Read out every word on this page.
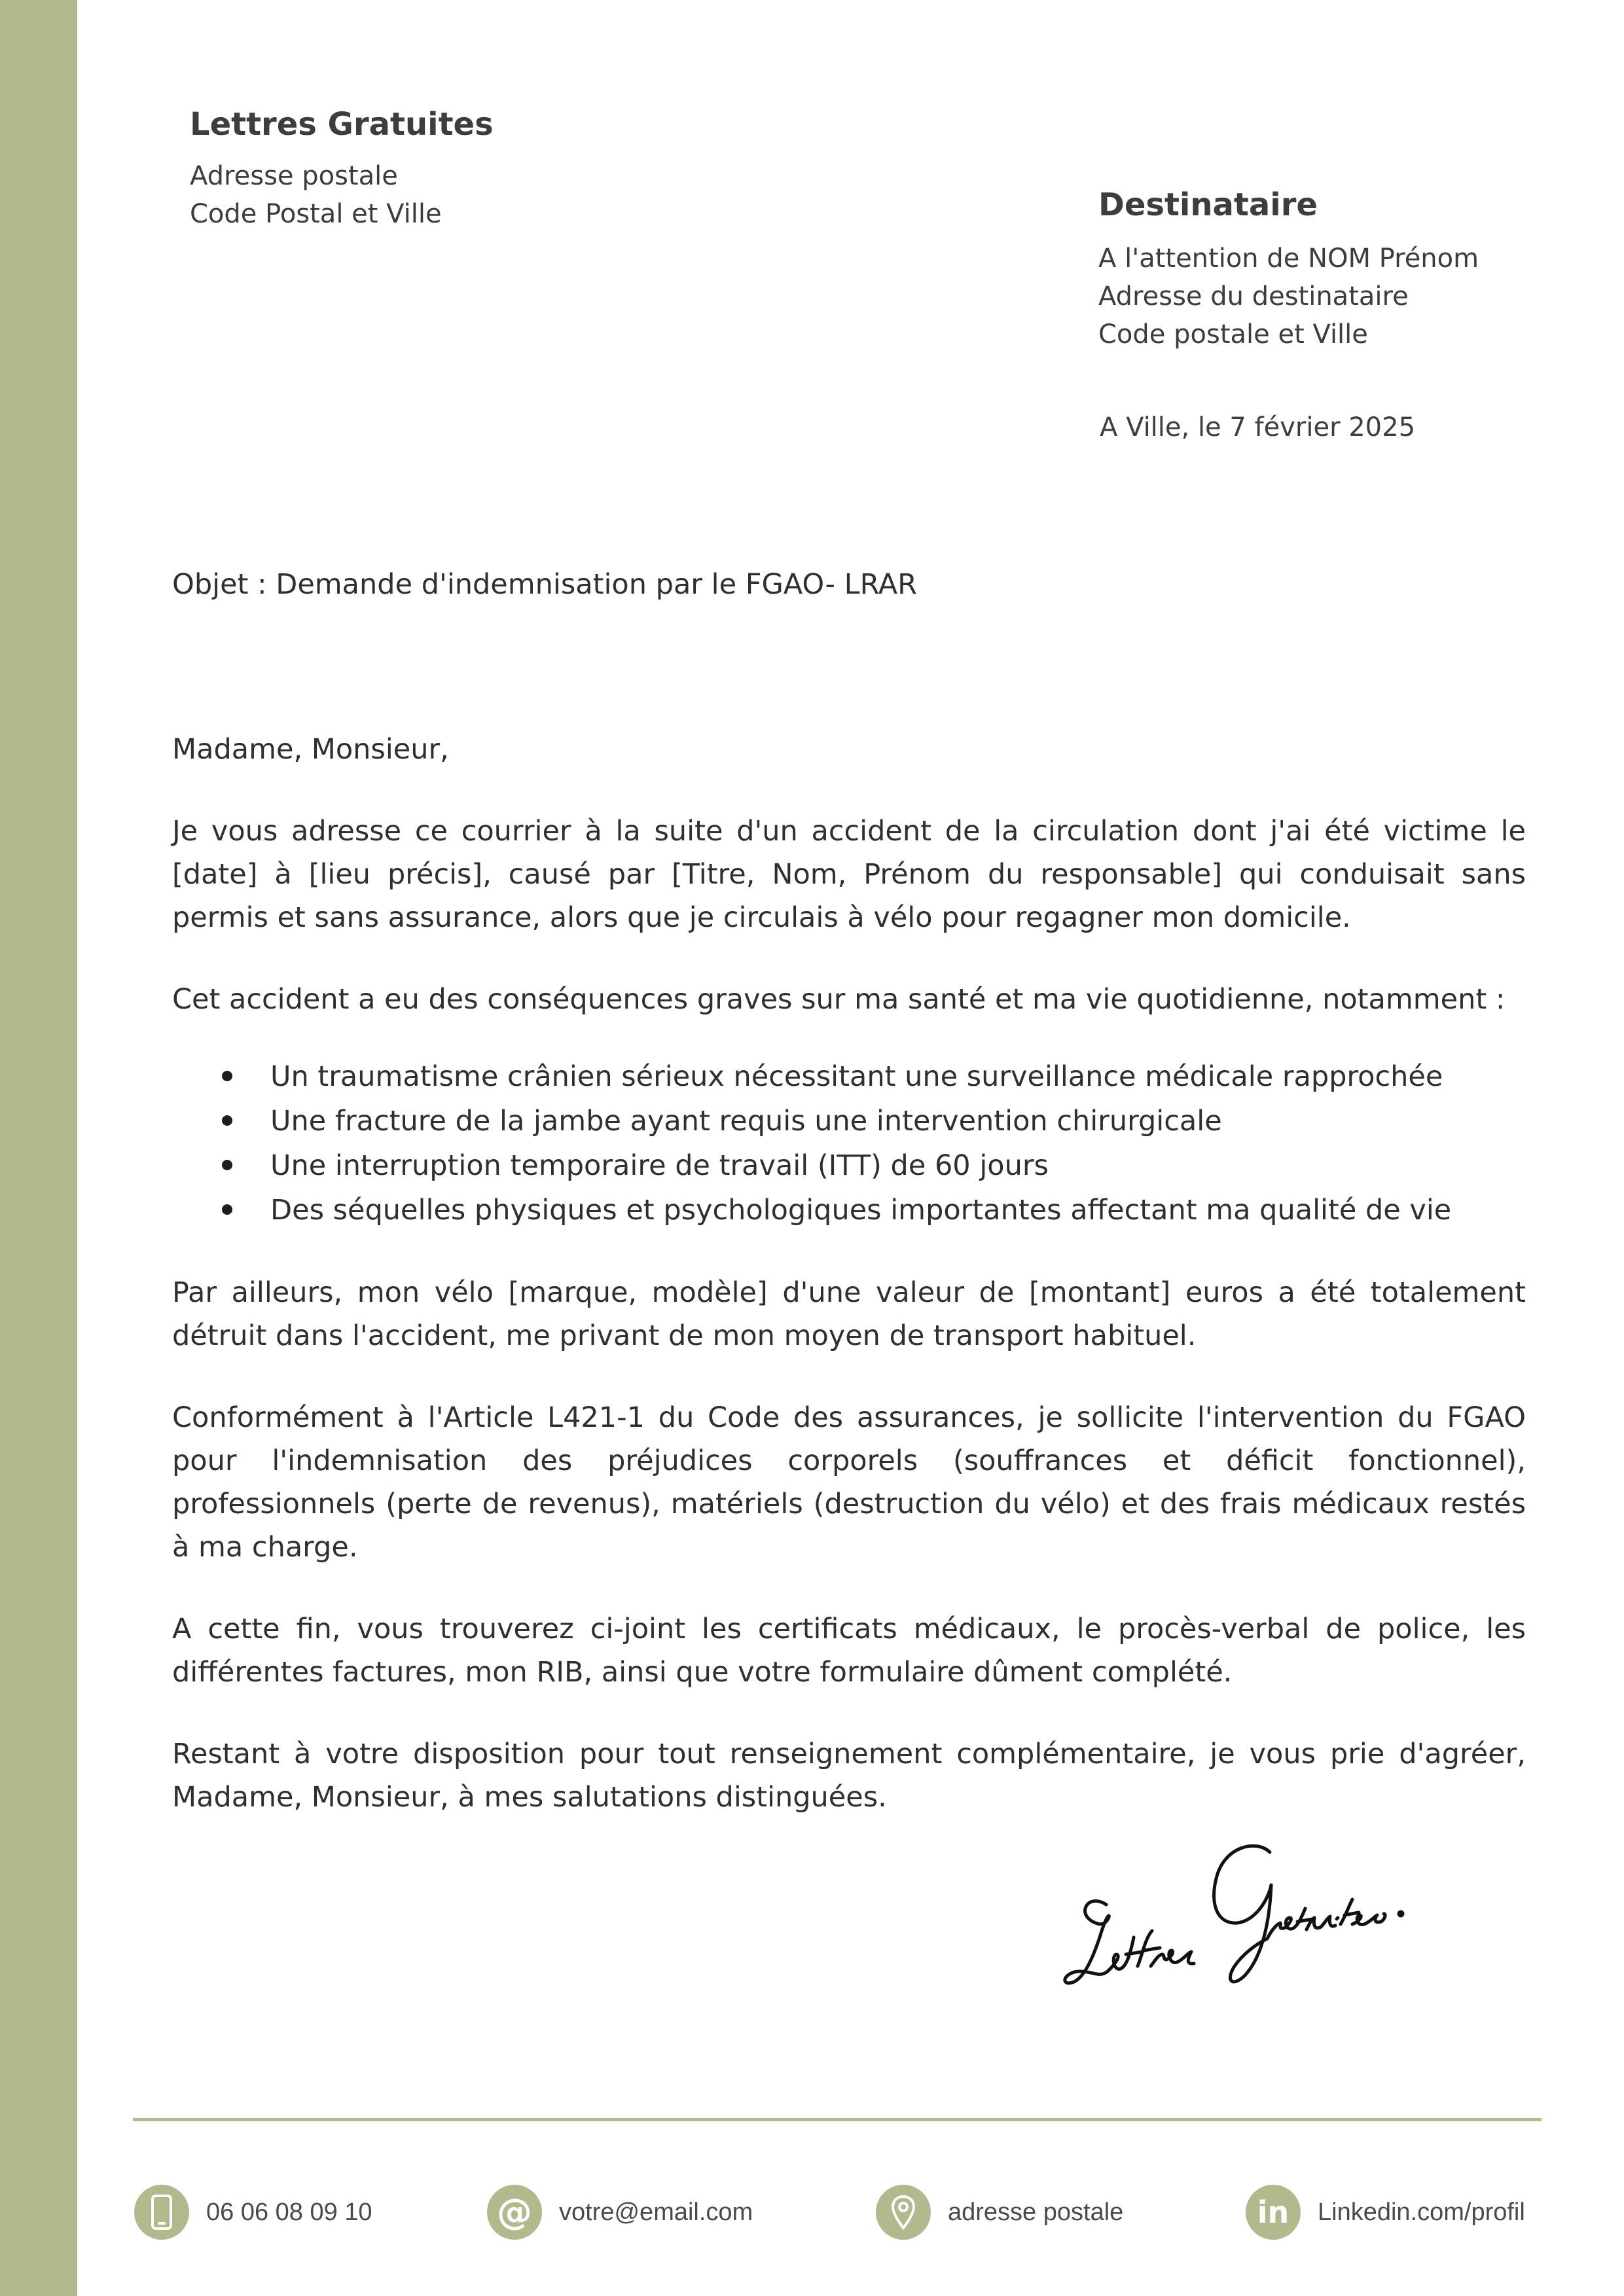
Lettres Gratuites
Adresse postale
Code Postal et Ville	Destinataire
A l'attention de NOM Prénom
Adresse du destinataire
Code postale et Ville
A Ville, le 7 février 2025
Objet : Demande d'indemnisation par le FGAO- LRAR

Madame, Monsieur,

Je vous adresse ce courrier à la suite d'un accident de la circulation dont j'ai été victime le [date] à [lieu précis], causé par [Titre, Nom, Prénom du responsable] qui conduisait sans permis et sans assurance, alors que je circulais à vélo pour regagner mon domicile.

Cet accident a eu des conséquences graves sur ma santé et ma vie quotidienne, notamment :

Un traumatisme crânien sérieux nécessitant une surveillance médicale rapprochée
Une fracture de la jambe ayant requis une intervention chirurgicale
Une interruption temporaire de travail (ITT) de 60 jours
Des séquelles physiques et psychologiques importantes affectant ma qualité de vie

Par ailleurs, mon vélo [marque, modèle] d'une valeur de [montant] euros a été totalement détruit dans l'accident, me privant de mon moyen de transport habituel.

Conformément à l'Article L421-1 du Code des assurances, je sollicite l'intervention du FGAO pour l'indemnisation des préjudices corporels (souffrances et déficit fonctionnel), professionnels (perte de revenus), matériels (destruction du vélo) et des frais médicaux restés à ma charge.

A cette fin, vous trouverez ci-joint les certificats médicaux, le procès-verbal de police, les différentes factures, mon RIB, ainsi que votre formulaire dûment complété.

Restant à votre disposition pour tout renseignement complémentaire, je vous prie d'agréer, Madame, Monsieur, à mes salutations distinguées.

06 06 08 09 10	@ votre@email.com	adresse postale	in Linkedin.com/profil
